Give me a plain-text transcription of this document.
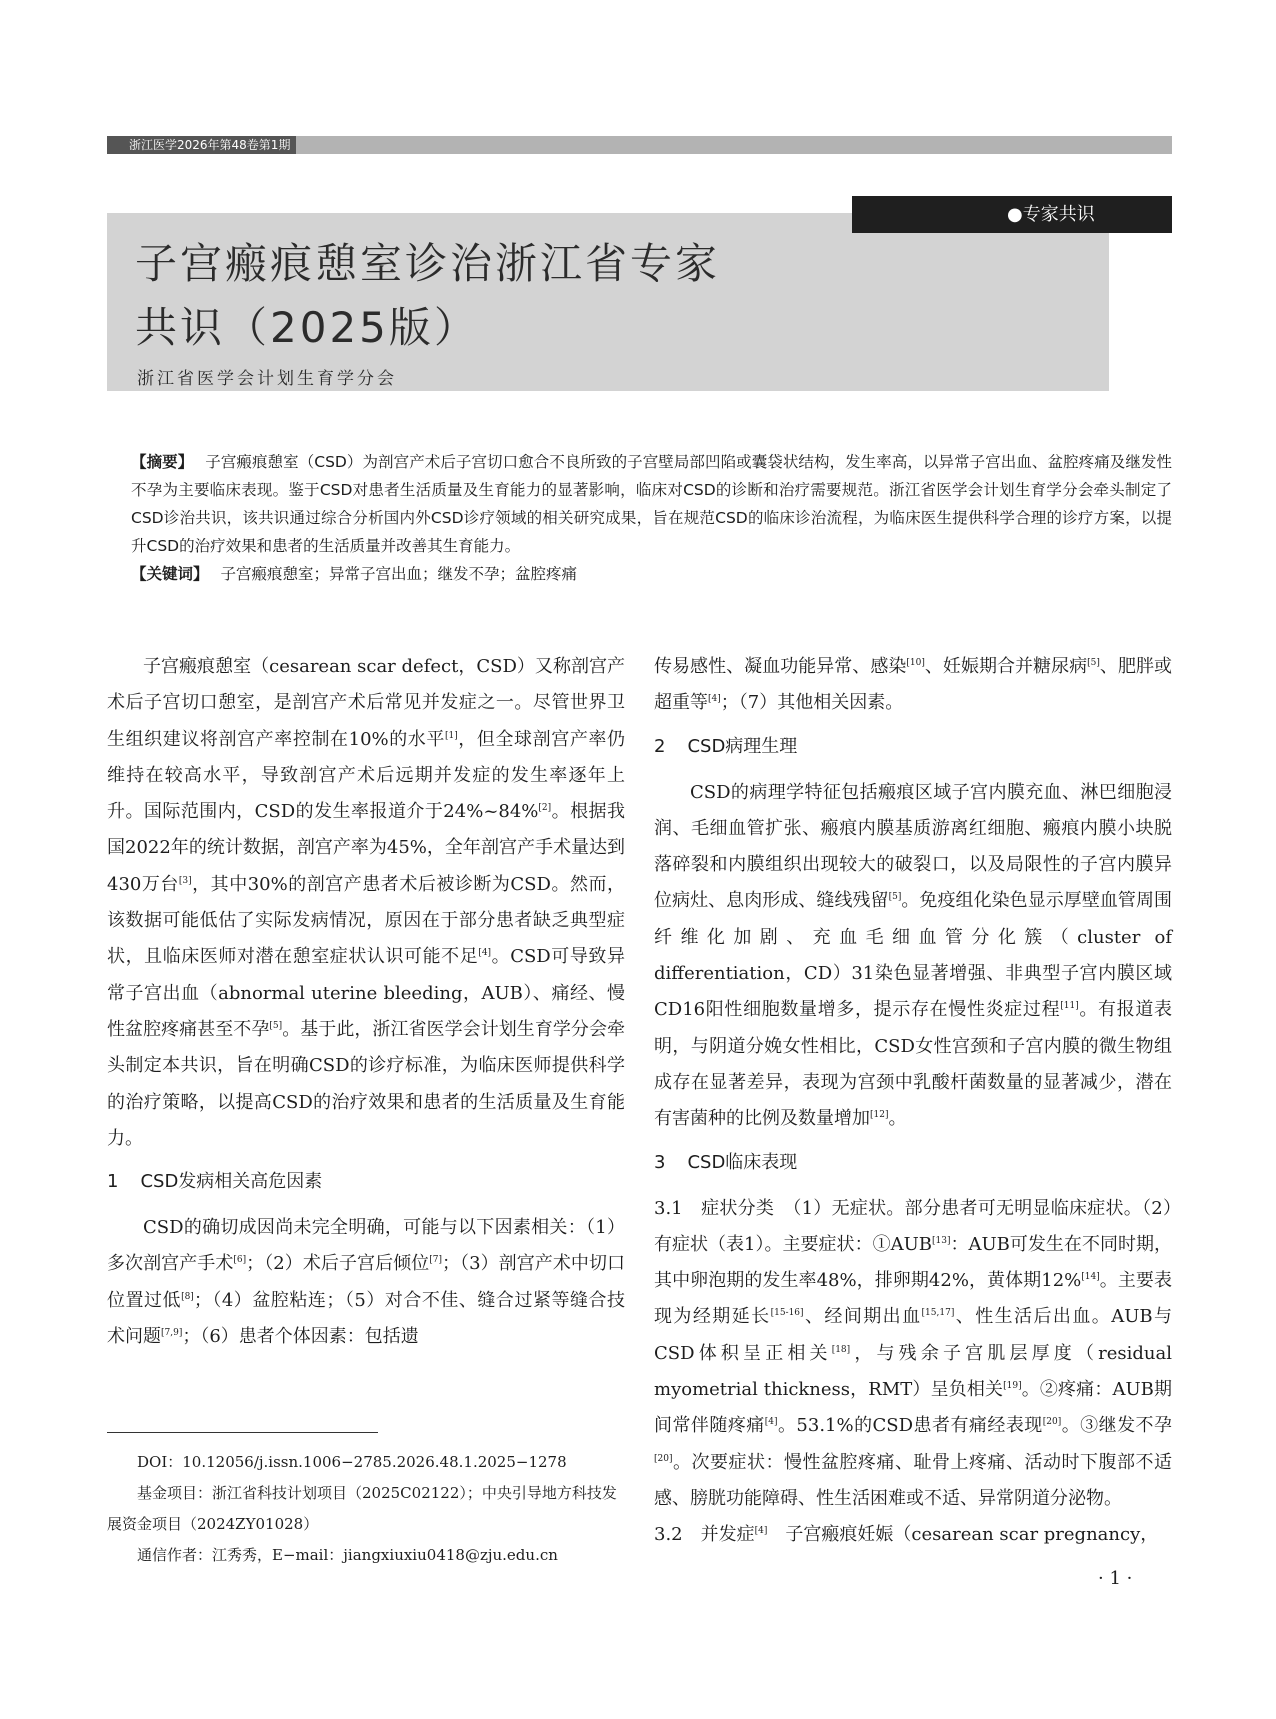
浙江医学2026年第48卷第1期
●专家共识
子宫瘢痕憩室诊治浙江省专家
共识（2025版）
浙江省医学会计划生育学分会

【摘要】 子宫瘢痕憩室（CSD）为剖宫产术后子宫切口愈合不良所致的子宫壁局部凹陷或囊袋状结构，发生率高，以异常子宫出血、盆腔疼痛及继发性不孕为主要临床表现。鉴于CSD对患者生活质量及生育能力的显著影响，临床对CSD的诊断和治疗需要规范。浙江省医学会计划生育学分会牵头制定了CSD诊治共识，该共识通过综合分析国内外CSD诊疗领域的相关研究成果，旨在规范CSD的临床诊治流程，为临床医生提供科学合理的诊疗方案，以提升CSD的治疗效果和患者的生活质量并改善其生育能力。

【关键词】 子宫瘢痕憩室；异常子宫出血；继发不孕；盆腔疼痛

子宫瘢痕憩室（cesarean scar defect，CSD）又称剖宫产术后子宫切口憩室，是剖宫产术后常见并发症之一。尽管世界卫生组织建议将剖宫产率控制在10%的水平[1]，但全球剖宫产率仍维持在较高水平，导致剖宫产术后远期并发症的发生率逐年上升。国际范围内，CSD的发生率报道介于24%~84%[2]。根据我国2022年的统计数据，剖宫产率为45%，全年剖宫产手术量达到430万台[3]，其中30%的剖宫产患者术后被诊断为CSD。然而，该数据可能低估了实际发病情况，原因在于部分患者缺乏典型症状，且临床医师对潜在憩室症状认识可能不足[4]。CSD可导致异常子宫出血（abnormal uterine bleeding，AUB）、痛经、慢性盆腔疼痛甚至不孕[5]。基于此，浙江省医学会计划生育学分会牵头制定本共识，旨在明确CSD的诊疗标准，为临床医师提供科学的治疗策略，以提高CSD的治疗效果和患者的生活质量及生育能力。

1 CSD发病相关高危因素

CSD的确切成因尚未完全明确，可能与以下因素相关：（1）多次剖宫产手术[6]；（2）术后子宫后倾位[7]；（3）剖宫产术中切口位置过低[8]；（4）盆腔粘连；（5）对合不佳、缝合过紧等缝合技术问题[7,9]；（6）患者个体因素：包括遗

传易感性、凝血功能异常、感染[10]、妊娠期合并糖尿病[5]、肥胖或超重等[4]；（7）其他相关因素。

2 CSD病理生理

CSD的病理学特征包括瘢痕区域子宫内膜充血、淋巴细胞浸润、毛细血管扩张、瘢痕内膜基质游离红细胞、瘢痕内膜小块脱落碎裂和内膜组织出现较大的破裂口，以及局限性的子宫内膜异位病灶、息肉形成、缝线残留[5]。免疫组化染色显示厚壁血管周围纤维化加剧、充血毛细血管分化簇（cluster of differentiation，CD）31染色显著增强、非典型子宫内膜区域CD16阳性细胞数量增多，提示存在慢性炎症过程[11]。有报道表明，与阴道分娩女性相比，CSD女性宫颈和子宫内膜的微生物组成存在显著差异，表现为宫颈中乳酸杆菌数量的显著减少，潜在有害菌种的比例及数量增加[12]。

3 CSD临床表现

3.1　症状分类　（1）无症状。部分患者可无明显临床症状。（2）有症状（表1）。主要症状：①AUB[13]：AUB可发生在不同时期，其中卵泡期的发生率48%，排卵期42%，黄体期12%[14]。主要表现为经期延长[15-16]、经间期出血[15,17]、性生活后出血。AUB与CSD体积呈正相关[18]，与残余子宫肌层厚度（residual myometrial thickness，RMT）呈负相关[19]。②疼痛：AUB期间常伴随疼痛[4]。53.1%的CSD患者有痛经表现[20]。③继发不孕[20]。次要症状：慢性盆腔疼痛、耻骨上疼痛、活动时下腹部不适感、膀胱功能障碍、性生活困难或不适、异常阴道分泌物。

3.2　并发症[4]　子宫瘢痕妊娠（cesarean scar pregnancy，

DOI：10.12056/j.issn.1006−2785.2026.48.1.2025−1278

基金项目：浙江省科技计划项目（2025C02122）；中央引导地方科技发展资金项目（2024ZY01028）

通信作者：江秀秀，E−mail：jiangxiuxiu0418@zju.edu.cn

· 1 ·
